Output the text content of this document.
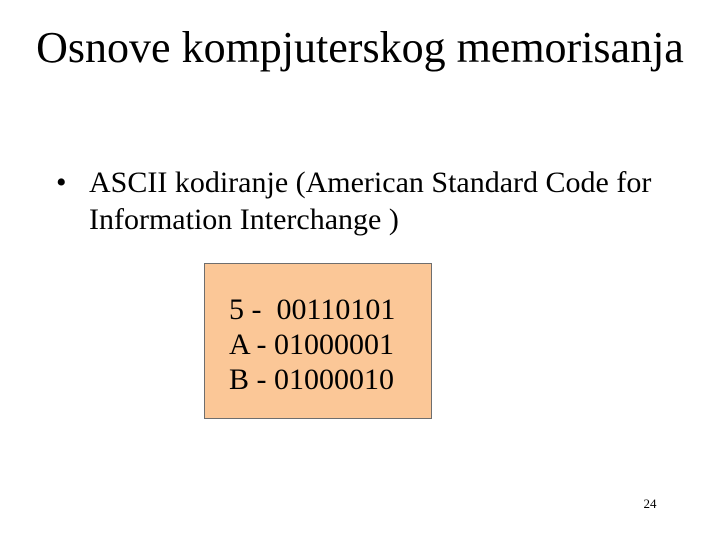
Osnove kompjuterskog memorisanja
• ASCII kodiranje (American Standard Code for Information Interchange )
5 -  00110101
A - 01000001
B - 01000010
24
